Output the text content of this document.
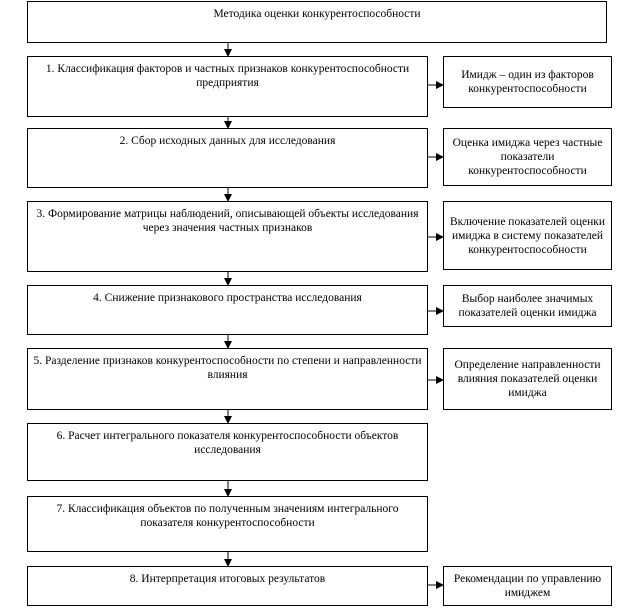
Методика оценки конкурентоспособности
1. Классификация факторов и частных признаков конкурентоспособности предприятия
2. Сбор исходных данных для исследования
3. Формирование матрицы наблюдений, описывающей объекты исследования через значения частных признаков
4. Снижение признакового пространства исследования
5. Разделение признаков конкурентоспособности по степени и направленности влияния
6. Расчет интегрального показателя конкурентоспособности объектов исследования
7. Классификация объектов по полученным значениям интегрального показателя конкурентоспособности
8. Интерпретация итоговых результатов
Имидж – один из факторов конкурентоспособности
Оценка имиджа через частные показатели конкурентоспособности
Включение показателей оценки имиджа в систему показателей конкурентоспособности
Выбор наиболее значимых показателей оценки имиджа
Определение направленности влияния показателей оценки имиджа
Рекомендации по управлению имиджем
